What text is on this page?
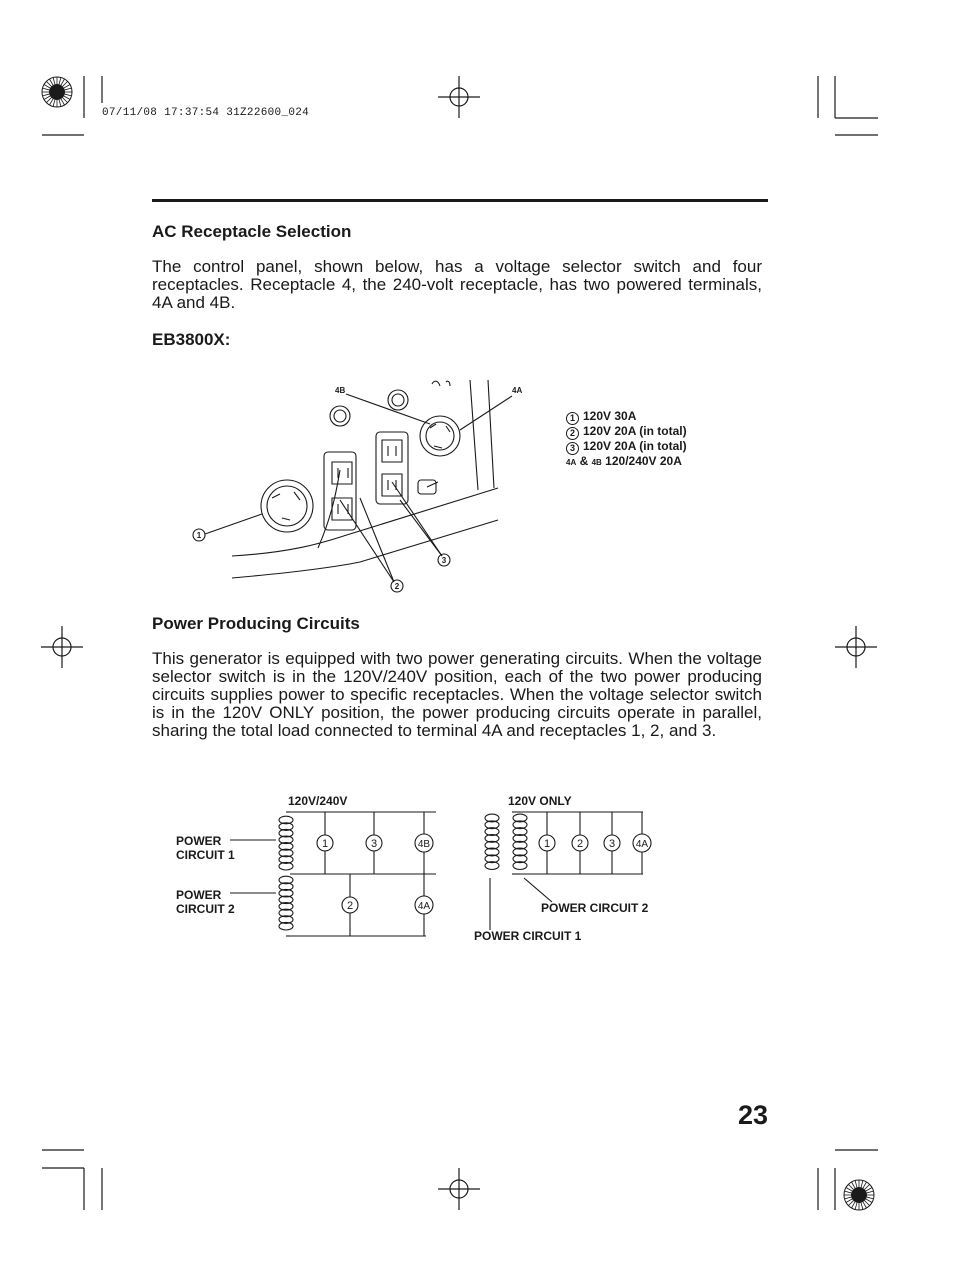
07/11/08 17:37:54 31Z22600_024
AC Receptacle Selection
The control panel, shown below, has a voltage selector switch and four receptacles. Receptacle 4, the 240-volt receptacle, has two powered terminals, 4A and 4B.
EB3800X:
4B	4A
1
2
3
1 120V 30A
2 120V 20A (in total)
3 120V 20A (in total)
4A & 4B 120/240V 20A
Power Producing Circuits
This generator is equipped with two power generating circuits. When the voltage selector switch is in the 120V/240V position, each of the two power producing circuits supplies power to specific receptacles. When the voltage selector switch is in the 120V ONLY position, the power producing circuits operate in parallel, sharing the total load connected to terminal 4A and receptacles 1, 2, and 3.
1	3	4B
2	4A
1 2 3 4A
120V/240V	120V ONLY
POWER
CIRCUIT 1
POWER
CIRCUIT 2	POWER CIRCUIT 2
POWER CIRCUIT 1
23
